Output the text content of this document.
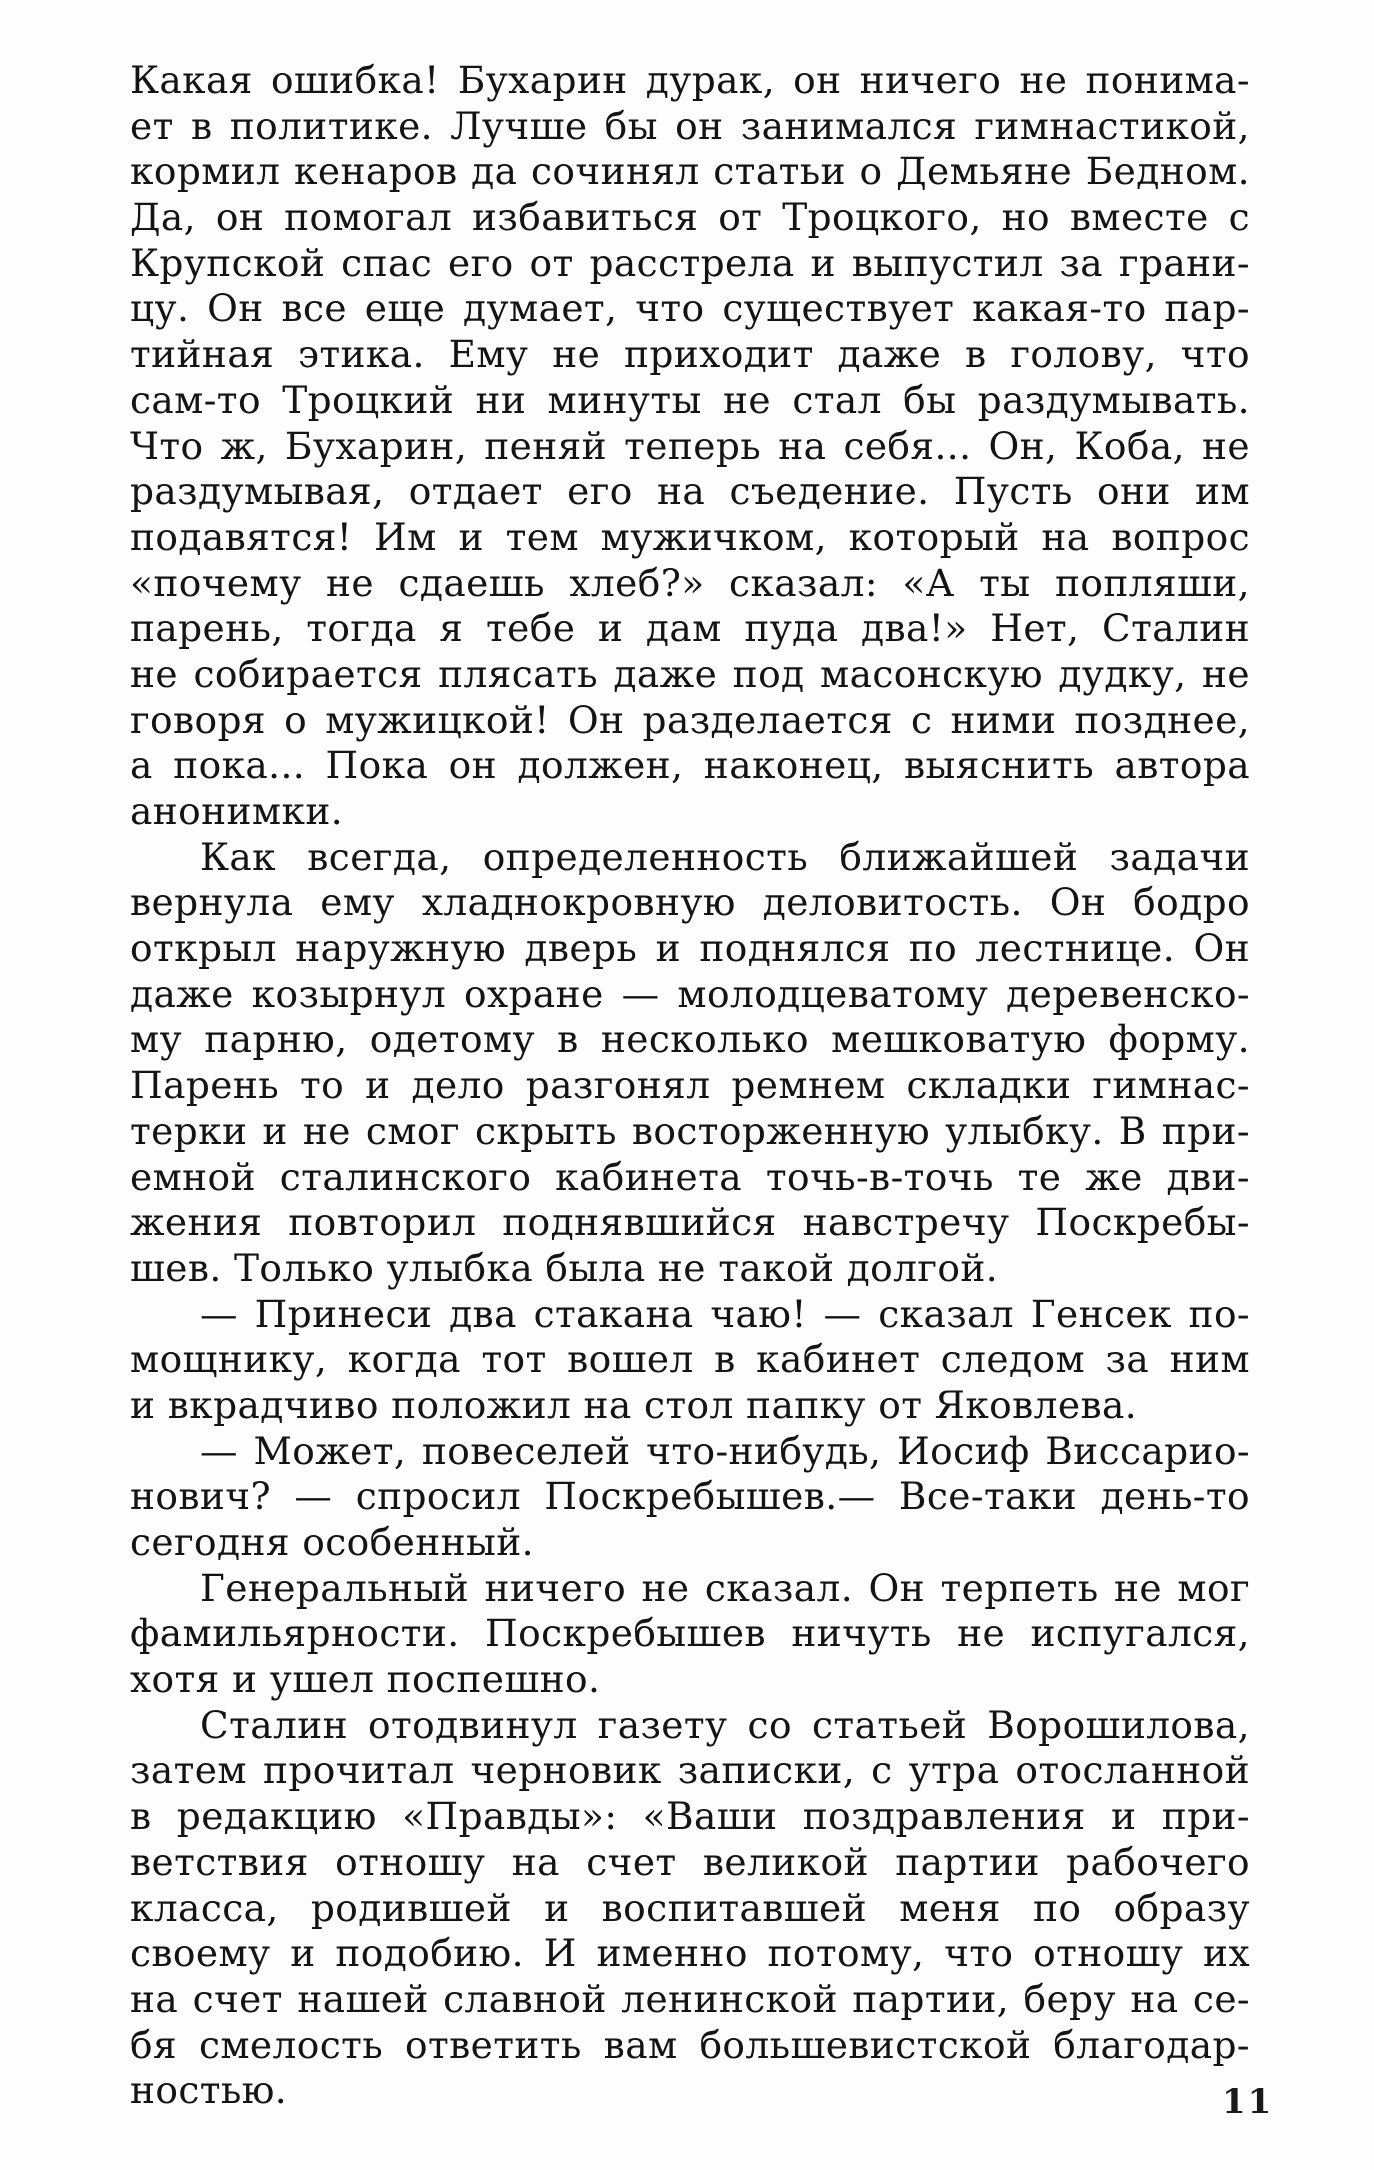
Какая ошибка! Бухарин дурак, он ничего не понима-
ет в политике. Лучше бы он занимался гимнастикой,
кормил кенаров да сочинял статьи о Демьяне Бедном.
Да, он помогал избавиться от Троцкого, но вместе с
Крупской спас его от расстрела и выпустил за грани-
цу. Он все еще думает, что существует какая-то пар-
тийная этика. Ему не приходит даже в голову, что
сам-то Троцкий ни минуты не стал бы раздумывать.
Что ж, Бухарин, пеняй теперь на себя... Он, Коба, не
раздумывая, отдает его на съедение. Пусть они им
подавятся! Им и тем мужичком, который на вопрос
«почему не сдаешь хлеб?» сказал: «А ты попляши,
парень, тогда я тебе и дам пуда два!» Нет, Сталин
не собирается плясать даже под масонскую дудку, не
говоря о мужицкой! Он разделается с ними позднее,
а пока... Пока он должен, наконец, выяснить автора
анонимки.
Как всегда, определенность ближайшей задачи
вернула ему хладнокровную деловитость. Он бодро
открыл наружную дверь и поднялся по лестнице. Он
даже козырнул охране — молодцеватому деревенско-
му парню, одетому в несколько мешковатую форму.
Парень то и дело разгонял ремнем складки гимнас-
терки и не смог скрыть восторженную улыбку. В при-
емной сталинского кабинета точь-в-точь те же дви-
жения повторил поднявшийся навстречу Поскребы-
шев. Только улыбка была не такой долгой.
— Принеси два стакана чаю! — сказал Генсек по-
мощнику, когда тот вошел в кабинет следом за ним
и вкрадчиво положил на стол папку от Яковлева.
— Может, повеселей что-нибудь, Иосиф Виссарио-
нович? — спросил Поскребышев.— Все-таки день-то
сегодня особенный.
Генеральный ничего не сказал. Он терпеть не мог
фамильярности. Поскребышев ничуть не испугался,
хотя и ушел поспешно.
Сталин отодвинул газету со статьей Ворошилова,
затем прочитал черновик записки, с утра отосланной
в редакцию «Правды»: «Ваши поздравления и при-
ветствия отношу на счет великой партии рабочего
класса, родившей и воспитавшей меня по образу
своему и подобию. И именно потому, что отношу их
на счет нашей славной ленинской партии, беру на се-
бя смелость ответить вам большевистской благодар-
ностью.	11
